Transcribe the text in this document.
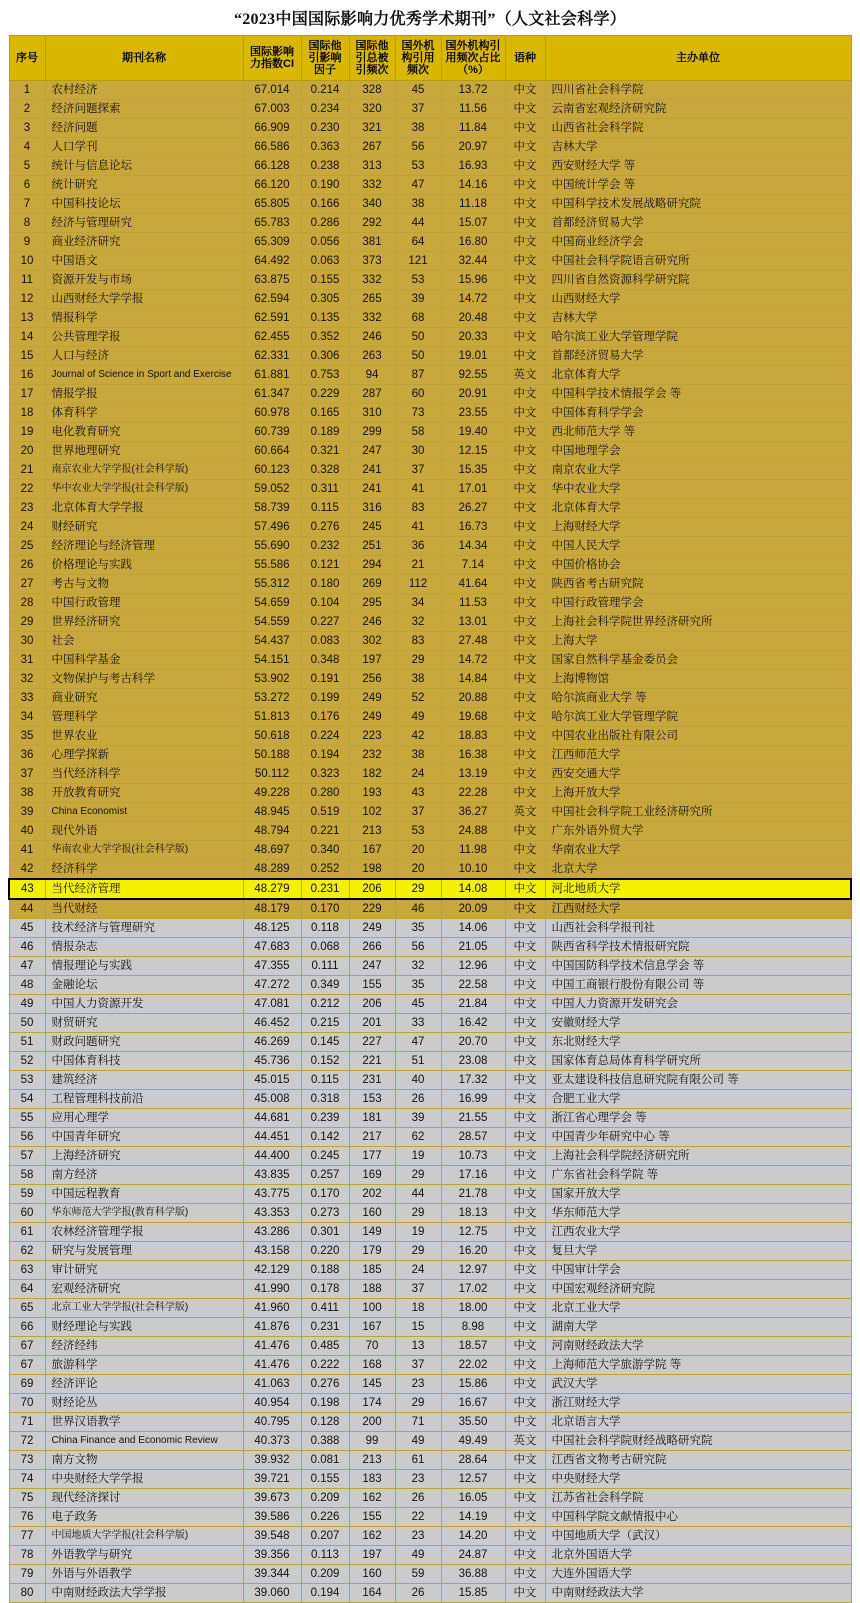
“2023中国国际影响力优秀学术期刊”（人文社会科学）
序号	期刊名称	国际影响力指数CI	国际他引影响因子	国际他引总被引频次	国外机构引用频次	国外机构引用频次占比（%）	语种	主办单位
1	农村经济	67.014	0.214	328	45	13.72	中文	四川省社会科学院
2	经济问题探索	67.003	0.234	320	37	11.56	中文	云南省宏观经济研究院
3	经济问题	66.909	0.230	321	38	11.84	中文	山西省社会科学院
4	人口学刊	66.586	0.363	267	56	20.97	中文	吉林大学
5	统计与信息论坛	66.128	0.238	313	53	16.93	中文	西安财经大学 等
6	统计研究	66.120	0.190	332	47	14.16	中文	中国统计学会 等
7	中国科技论坛	65.805	0.166	340	38	11.18	中文	中国科学技术发展战略研究院
8	经济与管理研究	65.783	0.286	292	44	15.07	中文	首都经济贸易大学
9	商业经济研究	65.309	0.056	381	64	16.80	中文	中国商业经济学会
10	中国语文	64.492	0.063	373	121	32.44	中文	中国社会科学院语言研究所
11	资源开发与市场	63.875	0.155	332	53	15.96	中文	四川省自然资源科学研究院
12	山西财经大学学报	62.594	0.305	265	39	14.72	中文	山西财经大学
13	情报科学	62.591	0.135	332	68	20.48	中文	吉林大学
14	公共管理学报	62.455	0.352	246	50	20.33	中文	哈尔滨工业大学管理学院
15	人口与经济	62.331	0.306	263	50	19.01	中文	首都经济贸易大学
16	Journal of Science in Sport and Exercise	61.881	0.753	94	87	92.55	英文	北京体育大学
17	情报学报	61.347	0.229	287	60	20.91	中文	中国科学技术情报学会 等
18	体育科学	60.978	0.165	310	73	23.55	中文	中国体育科学学会
19	电化教育研究	60.739	0.189	299	58	19.40	中文	西北师范大学 等
20	世界地理研究	60.664	0.321	247	30	12.15	中文	中国地理学会
21	南京农业大学学报(社会科学版)	60.123	0.328	241	37	15.35	中文	南京农业大学
22	华中农业大学学报(社会科学版)	59.052	0.311	241	41	17.01	中文	华中农业大学
23	北京体育大学学报	58.739	0.115	316	83	26.27	中文	北京体育大学
24	财经研究	57.496	0.276	245	41	16.73	中文	上海财经大学
25	经济理论与经济管理	55.690	0.232	251	36	14.34	中文	中国人民大学
26	价格理论与实践	55.586	0.121	294	21	7.14	中文	中国价格协会
27	考古与文物	55.312	0.180	269	112	41.64	中文	陕西省考古研究院
28	中国行政管理	54.659	0.104	295	34	11.53	中文	中国行政管理学会
29	世界经济研究	54.559	0.227	246	32	13.01	中文	上海社会科学院世界经济研究所
30	社会	54.437	0.083	302	83	27.48	中文	上海大学
31	中国科学基金	54.151	0.348	197	29	14.72	中文	国家自然科学基金委员会
32	文物保护与考古科学	53.902	0.191	256	38	14.84	中文	上海博物馆
33	商业研究	53.272	0.199	249	52	20.88	中文	哈尔滨商业大学 等
34	管理科学	51.813	0.176	249	49	19.68	中文	哈尔滨工业大学管理学院
35	世界农业	50.618	0.224	223	42	18.83	中文	中国农业出版社有限公司
36	心理学探新	50.188	0.194	232	38	16.38	中文	江西师范大学
37	当代经济科学	50.112	0.323	182	24	13.19	中文	西安交通大学
38	开放教育研究	49.228	0.280	193	43	22.28	中文	上海开放大学
39	China Economist	48.945	0.519	102	37	36.27	英文	中国社会科学院工业经济研究所
40	现代外语	48.794	0.221	213	53	24.88	中文	广东外语外贸大学
41	华南农业大学学报(社会科学版)	48.697	0.340	167	20	11.98	中文	华南农业大学
42	经济科学	48.289	0.252	198	20	10.10	中文	北京大学
43	当代经济管理	48.279	0.231	206	29	14.08	中文	河北地质大学
44	当代财经	48.179	0.170	229	46	20.09	中文	江西财经大学
45	技术经济与管理研究	48.125	0.118	249	35	14.06	中文	山西社会科学报刊社
46	情报杂志	47.683	0.068	266	56	21.05	中文	陕西省科学技术情报研究院
47	情报理论与实践	47.355	0.111	247	32	12.96	中文	中国国防科学技术信息学会 等
48	金融论坛	47.272	0.349	155	35	22.58	中文	中国工商银行股份有限公司 等
49	中国人力资源开发	47.081	0.212	206	45	21.84	中文	中国人力资源开发研究会
50	财贸研究	46.452	0.215	201	33	16.42	中文	安徽财经大学
51	财政问题研究	46.269	0.145	227	47	20.70	中文	东北财经大学
52	中国体育科技	45.736	0.152	221	51	23.08	中文	国家体育总局体育科学研究所
53	建筑经济	45.015	0.115	231	40	17.32	中文	亚太建设科技信息研究院有限公司 等
54	工程管理科技前沿	45.008	0.318	153	26	16.99	中文	合肥工业大学
55	应用心理学	44.681	0.239	181	39	21.55	中文	浙江省心理学会 等
56	中国青年研究	44.451	0.142	217	62	28.57	中文	中国青少年研究中心 等
57	上海经济研究	44.400	0.245	177	19	10.73	中文	上海社会科学院经济研究所
58	南方经济	43.835	0.257	169	29	17.16	中文	广东省社会科学院 等
59	中国远程教育	43.775	0.170	202	44	21.78	中文	国家开放大学
60	华东师范大学学报(教育科学版)	43.353	0.273	160	29	18.13	中文	华东师范大学
61	农林经济管理学报	43.286	0.301	149	19	12.75	中文	江西农业大学
62	研究与发展管理	43.158	0.220	179	29	16.20	中文	复旦大学
63	审计研究	42.129	0.188	185	24	12.97	中文	中国审计学会
64	宏观经济研究	41.990	0.178	188	37	17.02	中文	中国宏观经济研究院
65	北京工业大学学报(社会科学版)	41.960	0.411	100	18	18.00	中文	北京工业大学
66	财经理论与实践	41.876	0.231	167	15	8.98	中文	湖南大学
67	经济经纬	41.476	0.485	70	13	18.57	中文	河南财经政法大学
67	旅游科学	41.476	0.222	168	37	22.02	中文	上海师范大学旅游学院 等
69	经济评论	41.063	0.276	145	23	15.86	中文	武汉大学
70	财经论丛	40.954	0.198	174	29	16.67	中文	浙江财经大学
71	世界汉语教学	40.795	0.128	200	71	35.50	中文	北京语言大学
72	China Finance and Economic Review	40.373	0.388	99	49	49.49	英文	中国社会科学院财经战略研究院
73	南方文物	39.932	0.081	213	61	28.64	中文	江西省文物考古研究院
74	中央财经大学学报	39.721	0.155	183	23	12.57	中文	中央财经大学
75	现代经济探讨	39.673	0.209	162	26	16.05	中文	江苏省社会科学院
76	电子政务	39.586	0.226	155	22	14.19	中文	中国科学院文献情报中心
77	中国地质大学学报(社会科学版)	39.548	0.207	162	23	14.20	中文	中国地质大学（武汉）
78	外语教学与研究	39.356	0.113	197	49	24.87	中文	北京外国语大学
79	外语与外语教学	39.344	0.209	160	59	36.88	中文	大连外国语大学
80	中南财经政法大学学报	39.060	0.194	164	26	15.85	中文	中南财经政法大学
